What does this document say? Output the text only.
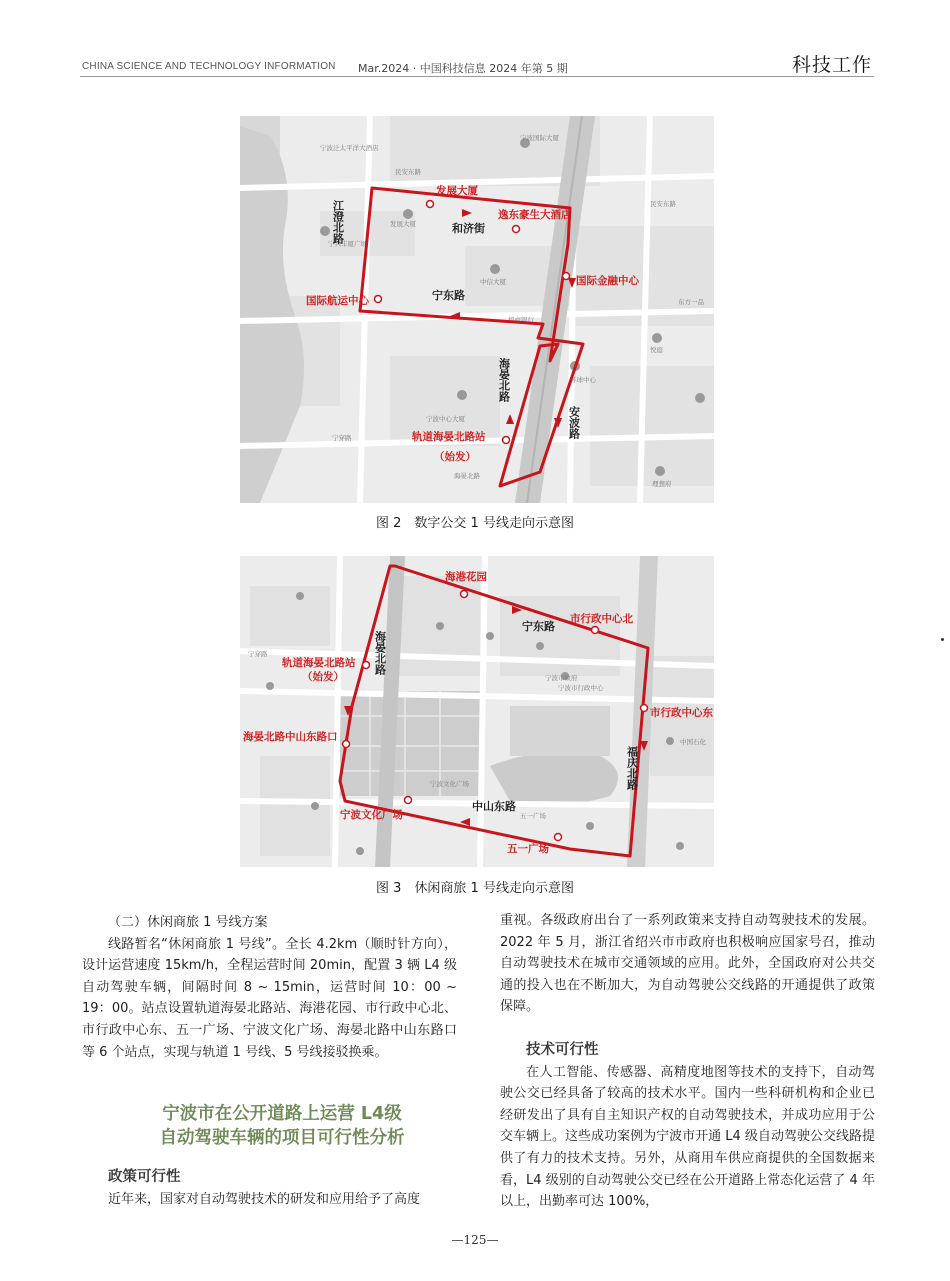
CHINA SCIENCE AND TECHNOLOGY INFORMATION Mar.2024 · 中国科技信息 2024 年第 5 期	科技工作
宁波泛太平洋大酒店
宁波国际大厦
民安东路
发展大厦
宁兴丰厦广场
中信大厦
招商银行
东方一品
悦庭
环球中心
宁波中心大厦
宁穿路
海晏北路
理想府
民安东路
发展大厦
逸东豪生大酒店
国际金融中心
国际航运中心
轨道海晏北路站
（始发）
江澄北路	和济街
宁东路
海晏北路
安波路
图 2　数字公交 1 号线走向示意图
宁波市政府
宁波市行政中心
宁波文化广场
宁穿路
中国石化
五一广场
海港花园
市行政中心北
轨道海晏北路站
（始发）
市行政中心东
海晏北路中山东路口
宁波文化广场
五一广场
宁东路
海晏北路
福庆北路
中山东路
图 3　休闲商旅 1 号线走向示意图

（二）休闲商旅 1 号线方案

线路暂名“休闲商旅 1 号线”。全长 4.2km（顺时针方向），设计运营速度 15km/h，全程运营时间 20min，配置 3 辆 L4 级自动驾驶车辆，间隔时间 8 ~ 15min，运营时间 10：00 ~ 19：00。站点设置轨道海晏北路站、海港花园、市行政中心北、市行政中心东、五一广场、宁波文化广场、海晏北路中山东路口等 6 个站点，实现与轨道 1 号线、5 号线接驳换乘。

宁波市在公开道路上运营 L4级
自动驾驶车辆的项目可行性分析

政策可行性

近年来，国家对自动驾驶技术的研发和应用给予了高度

重视。各级政府出台了一系列政策来支持自动驾驶技术的发展。2022 年 5 月，浙江省绍兴市市政府也积极响应国家号召，推动自动驾驶技术在城市交通领域的应用。此外，全国政府对公共交通的投入也在不断加大，为自动驾驶公交线路的开通提供了政策保障。

技术可行性

在人工智能、传感器、高精度地图等技术的支持下，自动驾驶公交已经具备了较高的技术水平。国内一些科研机构和企业已经研发出了具有自主知识产权的自动驾驶技术，并成功应用于公交车辆上。这些成功案例为宁波市开通 L4 级自动驾驶公交线路提供了有力的技术支持。另外，从商用车供应商提供的全国数据来看，L4 级别的自动驾驶公交已经在公开道路上常态化运营了 4 年以上，出勤率可达 100%，

—125—
